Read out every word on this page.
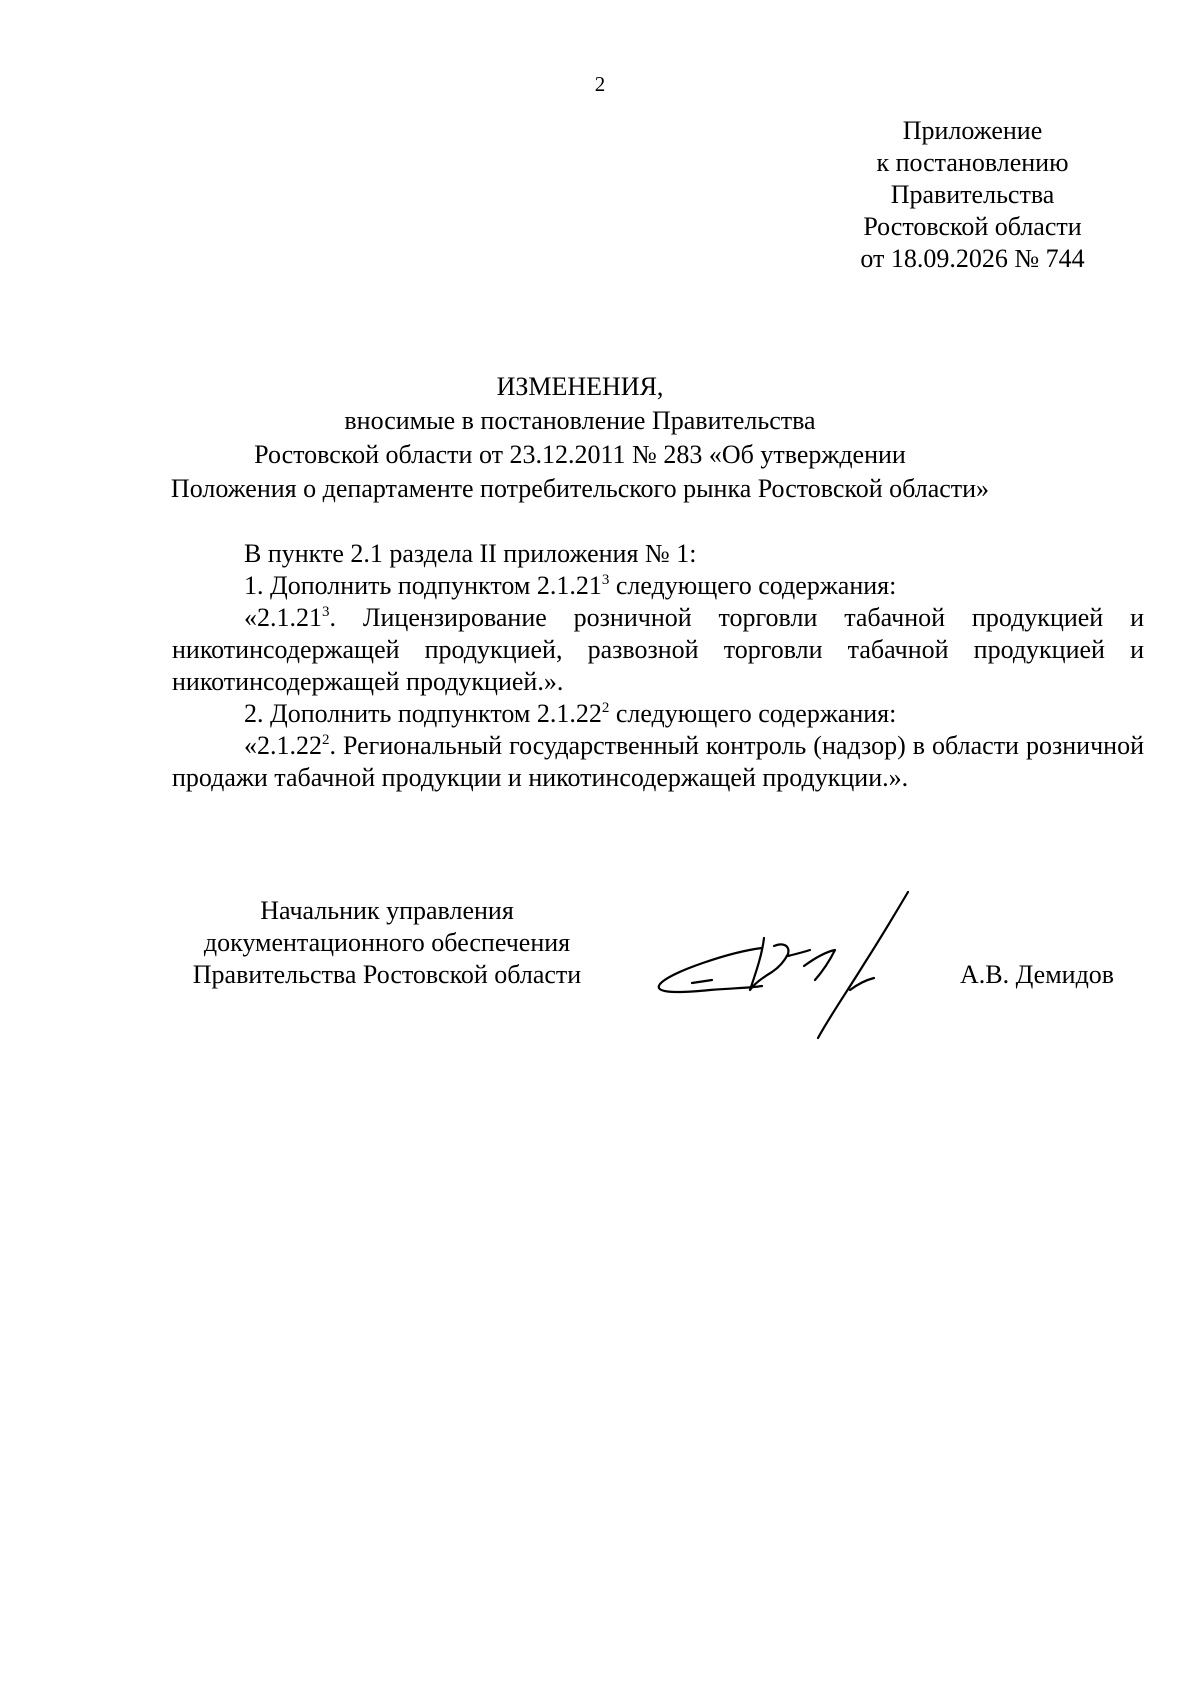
2
Приложение
к постановлению
Правительства
Ростовской области
от 18.09.2026 № 744
ИЗМЕНЕНИЯ,
вносимые в постановление Правительства
Ростовской области от 23.12.2011 № 283 «Об утверждении
Положения о департаменте потребительского рынка Ростовской области»

В пункте 2.1 раздела II приложения № 1:

1. Дополнить подпунктом 2.1.21$^3$ следующего содержания:

«2.1.21$^3$. Лицензирование розничной торговли табачной продукцией и никотинсодержащей продукцией, развозной торговли табачной продукцией и никотинсодержащей продукцией.».

2. Дополнить подпунктом 2.1.22$^2$ следующего содержания:

«2.1.22$^2$. Региональный государственный контроль (надзор) в области розничной продажи табачной продукции и никотинсодержащей продукции.».

Начальник управления
документационного обеспечения
Правительства Ростовской области	А.В. Демидов
